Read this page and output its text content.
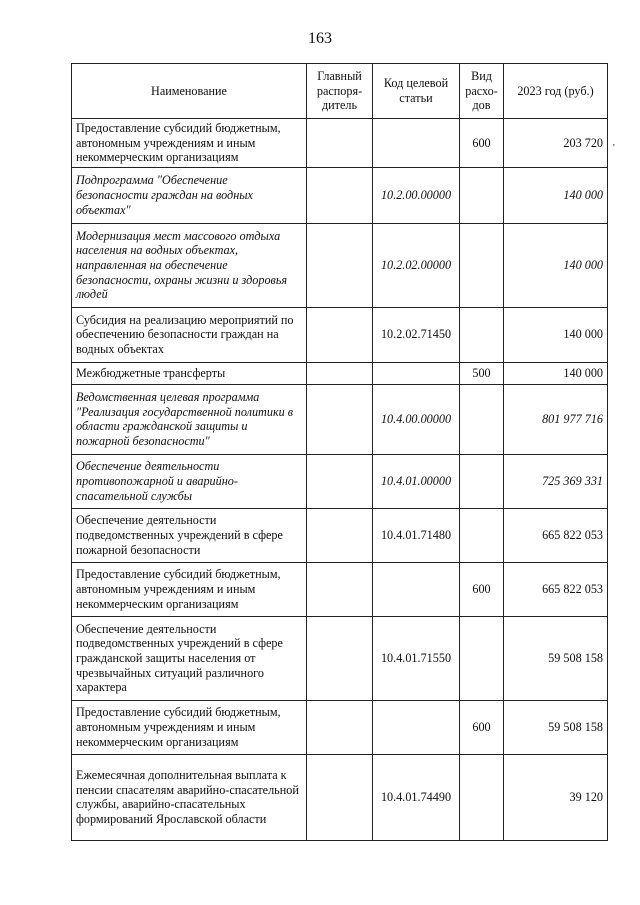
163
'
Наименование	Главный распоря-дитель	Код целевой статьи	Вид расхо-дов	2023 год (руб.)
Предоставление субсидий бюджетным, автономным учреждениям и иным некоммерческим организациям			600	203 720
Подпрограмма "Обеспечение безопасности граждан на водных объектах"		10.2.00.00000		140 000
Модернизация мест массового отдыха населения на водных объектах, направленная на обеспечение безопасности, охраны жизни и здоровья людей		10.2.02.00000		140 000
Субсидия на реализацию мероприятий по обеспечению безопасности граждан на водных объектах		10.2.02.71450		140 000
Межбюджетные трансферты			500	140 000
Ведомственная целевая программа "Реализация государственной политики в области гражданской защиты и пожарной безопасности"		10.4.00.00000		801 977 716
Обеспечение деятельности противопожарной и аварийно-спасательной службы		10.4.01.00000		725 369 331
Обеспечение деятельности подведомственных учреждений в сфере пожарной безопасности		10.4.01.71480		665 822 053
Предоставление субсидий бюджетным, автономным учреждениям и иным некоммерческим организациям			600	665 822 053
Обеспечение деятельности подведомственных учреждений в сфере гражданской защиты населения от чрезвычайных ситуаций различного характера		10.4.01.71550		59 508 158
Предоставление субсидий бюджетным, автономным учреждениям и иным некоммерческим организациям			600	59 508 158
Ежемесячная дополнительная выплата к пенсии спасателям аварийно-спасательной службы, аварийно-спасательных формирований Ярославской области		10.4.01.74490		39 120
